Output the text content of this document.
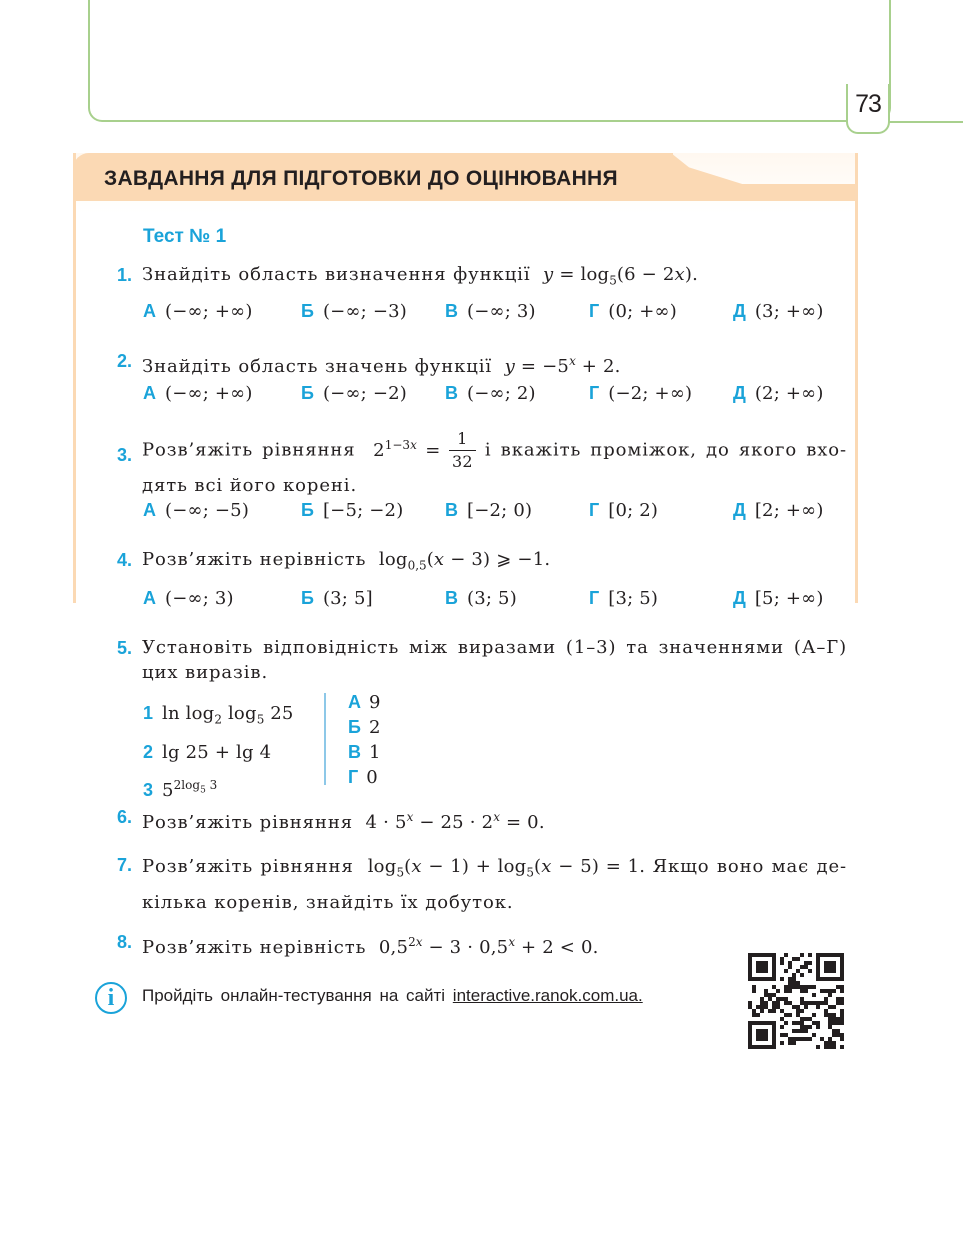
73
ЗАВДАННЯ ДЛЯ ПІДГОТОВКИ ДО ОЦІНЮВАННЯ
Тест № 1
1. Знайдіть область визначення функції $y = \log_5(6 - 2x)$.
А (−∞; +∞)	Б (−∞; −3) В (−∞; 3)	Г (0; +∞)	Д (3; +∞)
2. Знайдіть область значень функції $y = -5^x + 2$.
А (−∞; +∞)	Б (−∞; −2) В (−∞; 2)	Г (−2; +∞) Д (2; +∞)
3. Розв’яжіть рівняння  $2^{1-3x} = \frac{1}{32}$ і вкажіть проміжок, до якого вхо-дять всі його корені.
А (−∞; −5)	Б [−5; −2) В [−2; 0)	Г [0; 2)	Д [2; +∞)
4. Розв’яжіть нерівність  $\log_{0,5}(x - 3)$ ⩾ −1.
А (−∞; 3)	Б (3; 5]	В (3; 5)	Г [3; 5)	Д [5; +∞)
5. Установіть відповідність між виразами (1–3) та значеннями (А–Г) цих виразів.
1 $\ln \log_2 \log_5 25$
2 lg 25 + lg 4
3 $5^{2log_5 3}$
А 9
Б 2
В 1
Г 0
6. Розв’яжіть рівняння  $4 \cdot 5^x - 25 \cdot 2^x = 0$.
7. Розв’яжіть рівняння  $\log_5(x - 1) + \log_5(x - 5) = 1$. Якщо воно має де-кілька коренів, знайдіть їх добуток.
8. Розв’яжіть нерівність  $0,5^{2x} - 3 \cdot 0,5^x + 2 < 0$.
i	Пройдіть онлайн-тестування на сайті interactive.ranok.com.ua.
